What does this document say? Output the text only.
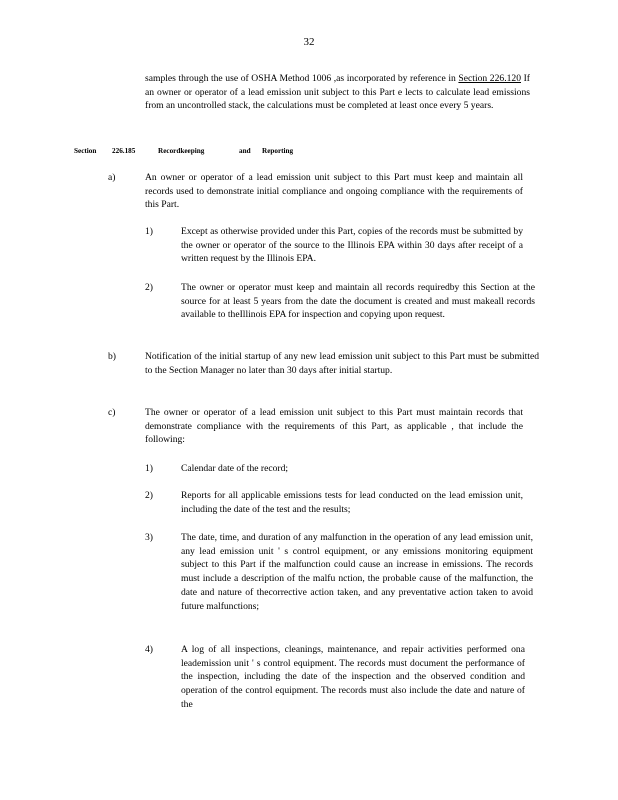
32
samples through the use of OSHA Method 1006 ,as incorporated by reference in Section 226.120 If an owner or operator of a lead emission unit subject to this Part e lects to calculate lead emissions from an uncontrolled stack, the calculations must be completed at least once every 5 years.
Section 226.185	Recordkeeping	and Reporting
a)	An owner or operator of a lead emission unit subject to this Part must keep and maintain all records used to demonstrate initial compliance and ongoing compliance with the requirements of this Part.
1)	Except as otherwise provided under this Part, copies of the records must be submitted by the owner or operator of the source to the Illinois EPA within 30 days after receipt of a written request by the Illinois EPA.
2)	The owner or operator must keep and maintain all records requiredby this Section at the source for at least 5 years from the date the document is created and must makeall records available to theIllinois EPA for inspection and copying upon request.
b)	Notification of the initial startup of any new lead emission unit subject to this Part must be submitted to the Section Manager no later than 30 days after initial startup.
c)	The owner or operator of a lead emission unit subject to this Part must maintain records that demonstrate compliance with the requirements of this Part, as applicable , that include the following:
1)	Calendar date of the record;
2)	Reports for all applicable emissions tests for lead conducted on the lead emission unit, including the date of the test and the results;
3)	The date, time, and duration of any malfunction in the operation of any lead emission unit, any lead emission unit ' s control equipment, or any emissions monitoring equipment subject to this Part if the malfunction could cause an increase in emissions. The records must include a description of the malfu nction, the probable cause of the malfunction, the date and nature of thecorrective action taken, and any preventative action taken to avoid future malfunctions;
4)	A log of all inspections, cleanings, maintenance, and repair activities performed ona leademission unit ' s control equipment. The records must document the performance of the inspection, including the date of the inspection and the observed condition and operation of the control equipment. The records must also include the date and nature of the
